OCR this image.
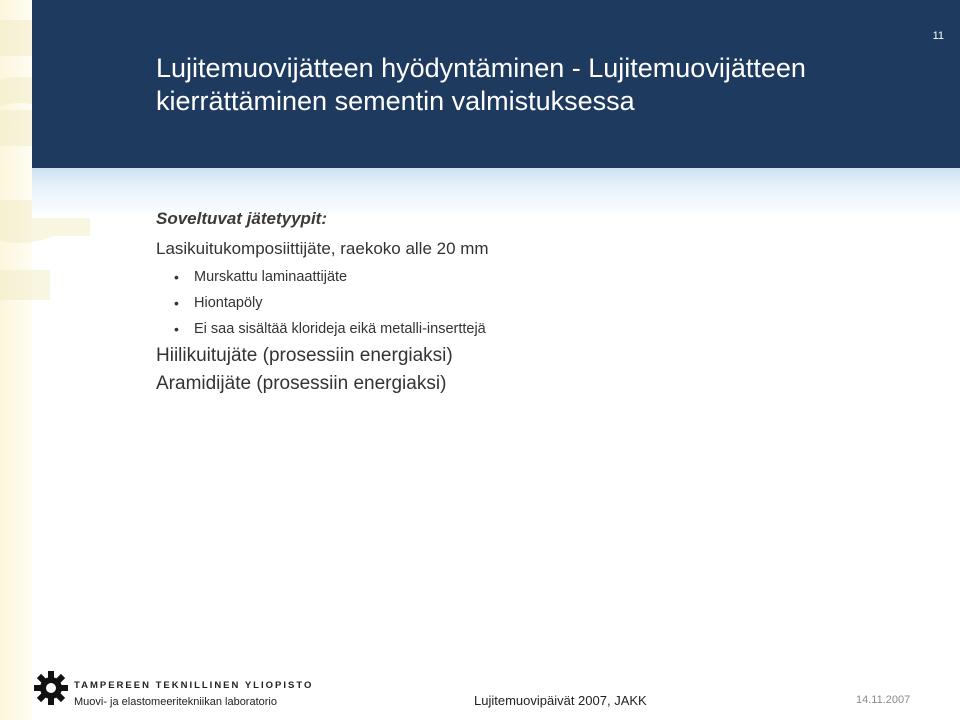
Lujitemuovijätteen hyödyntäminen - Lujitemuovijätteen
kierrättäminen sementin valmistuksessa
11
Soveltuvat jätetyypit:
Lasikuitukomposiittijäte, raekoko alle 20 mm
• Murskattu laminaattijäte
• Hiontapöly
• Ei saa sisältää klorideja eikä metalli-inserttejä
Hiilikuitujäte (prosessiin energiaksi)
Aramidijäte (prosessiin energiaksi)
TAMPEREEN TEKNILLINEN YLIOPISTO
Muovi- ja elastomeeritekniikan laboratorio	Lujitemuovipäivät 2007, JAKK	14.11.2007
